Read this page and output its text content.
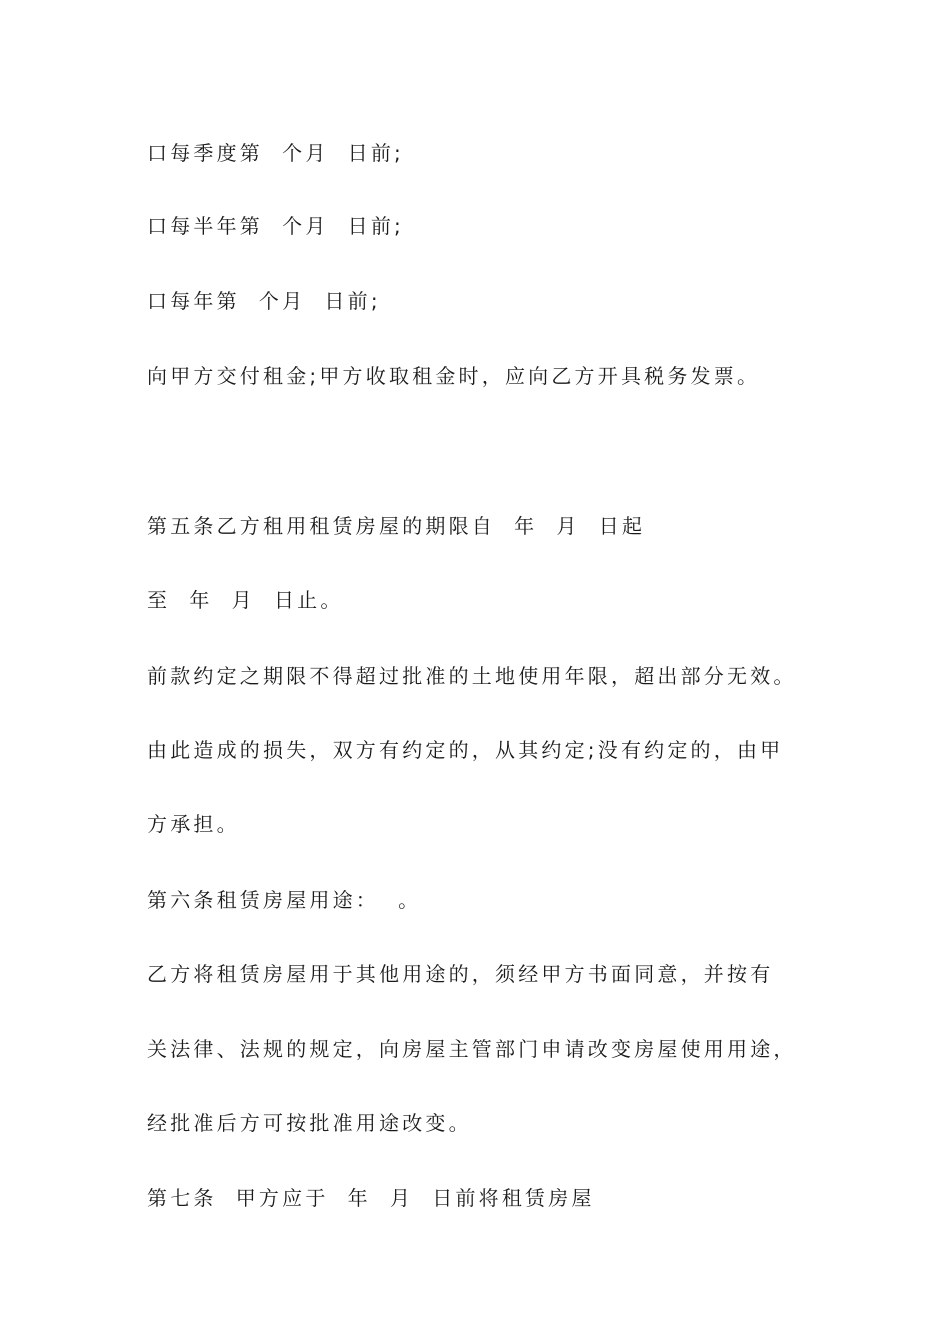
口每季度第  个月  日前;
口每半年第  个月  日前;
口每年第  个月  日前;
向甲方交付租金;甲方收取租金时，应向乙方开具税务发票。
第五条乙方租用租赁房屋的期限自  年  月  日起
至  年  月  日止。
前款约定之期限不得超过批准的土地使用年限，超出部分无效。
由此造成的损失，双方有约定的，从其约定;没有约定的，由甲
方承担。
第六条租赁房屋用途：  。
乙方将租赁房屋用于其他用途的，须经甲方书面同意，并按有
关法律、法规的规定，向房屋主管部门申请改变房屋使用用途，
经批准后方可按批准用途改变。
第七条  甲方应于  年  月  日前将租赁房屋
